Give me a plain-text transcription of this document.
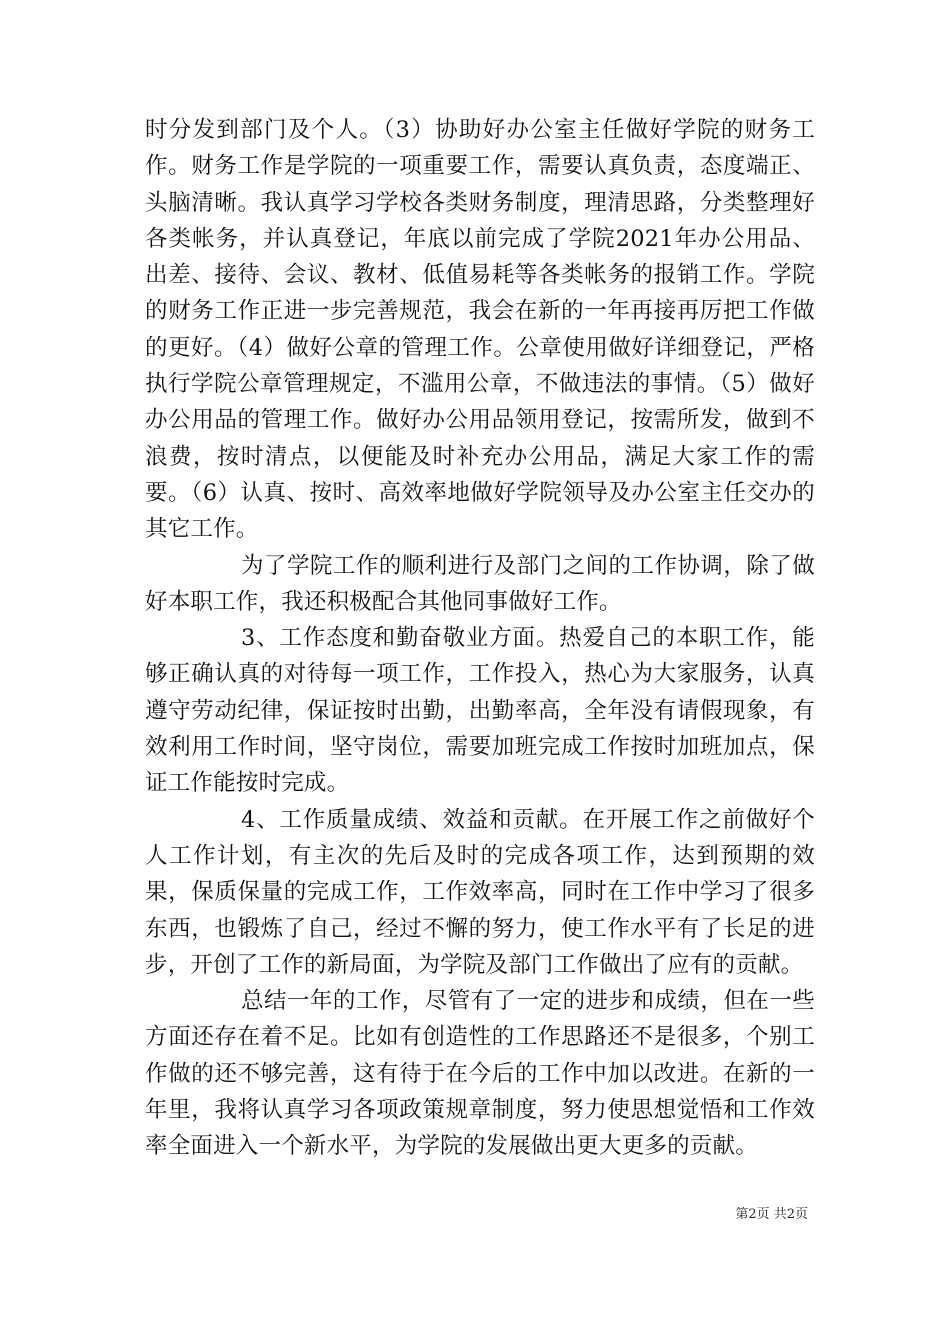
时分发到部门及个人。（3）协助好办公室主任做好学院的财务工作。财务工作是学院的一项重要工作，需要认真负责，态度端正、头脑清晰。我认真学习学校各类财务制度，理清思路，分类整理好各类帐务，并认真登记，年底以前完成了学院2021年办公用品、出差、接待、会议、教材、低值易耗等各类帐务的报销工作。学院的财务工作正进一步完善规范，我会在新的一年再接再厉把工作做的更好。（4）做好公章的管理工作。公章使用做好详细登记，严格执行学院公章管理规定，不滥用公章，不做违法的事情。（5）做好办公用品的管理工作。做好办公用品领用登记，按需所发，做到不浪费，按时清点，以便能及时补充办公用品，满足大家工作的需要。（6）认真、按时、高效率地做好学院领导及办公室主任交办的其它工作。

为了学院工作的顺利进行及部门之间的工作协调，除了做好本职工作，我还积极配合其他同事做好工作。

3、工作态度和勤奋敬业方面。热爱自己的本职工作，能够正确认真的对待每一项工作，工作投入，热心为大家服务，认真遵守劳动纪律，保证按时出勤，出勤率高，全年没有请假现象，有效利用工作时间，坚守岗位，需要加班完成工作按时加班加点，保证工作能按时完成。

4、工作质量成绩、效益和贡献。在开展工作之前做好个人工作计划，有主次的先后及时的完成各项工作，达到预期的效果，保质保量的完成工作，工作效率高，同时在工作中学习了很多东西，也锻炼了自己，经过不懈的努力，使工作水平有了长足的进步，开创了工作的新局面，为学院及部门工作做出了应有的贡献。

总结一年的工作，尽管有了一定的进步和成绩，但在一些方面还存在着不足。比如有创造性的工作思路还不是很多，个别工作做的还不够完善，这有待于在今后的工作中加以改进。在新的一年里，我将认真学习各项政策规章制度，努力使思想觉悟和工作效率全面进入一个新水平，为学院的发展做出更大更多的贡献。

第2页 共2页
